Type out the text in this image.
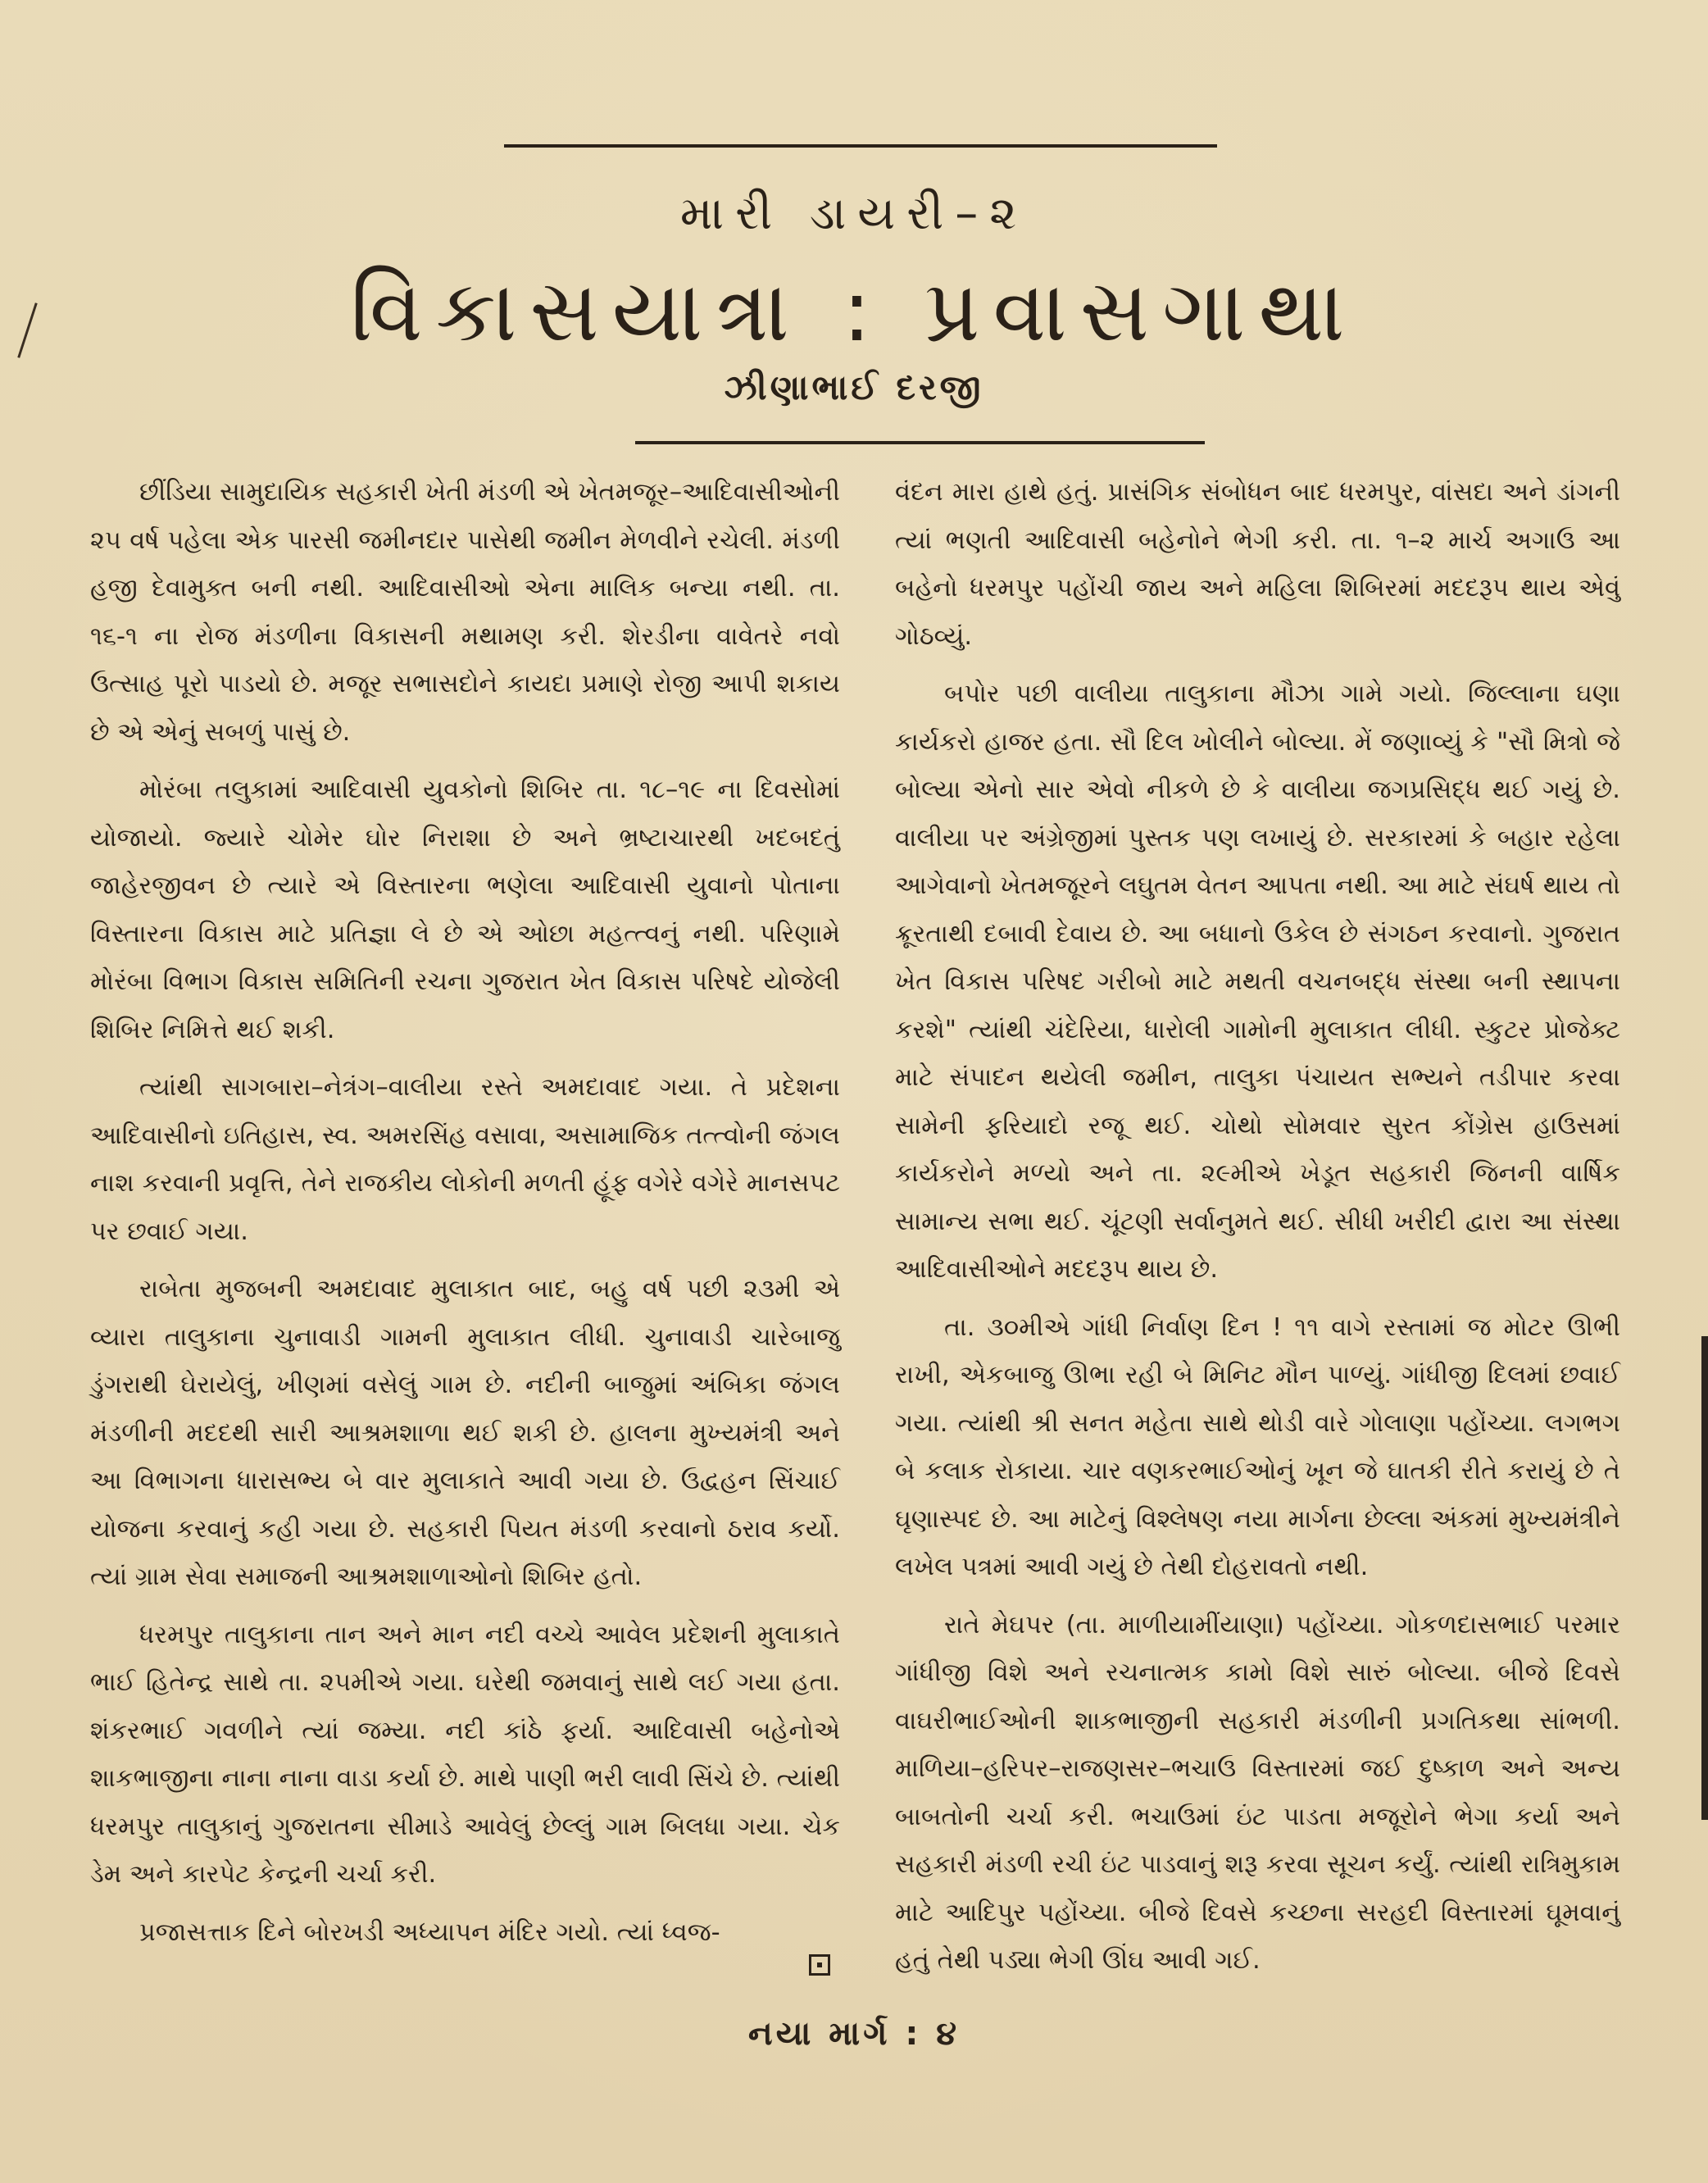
મારી ડાયરી–૨
વિકાસયાત્રા : પ્રવાસગાથા
ઝીણાભાઈ દરજી

છીંડિયા સામુદાયિક સહકારી ખેતી મંડળી એ ખેતમજૂર–આદિવાસીઓની ૨૫ વર્ષ પહેલા એક પારસી જમીનદાર પાસેથી જમીન મેળવીને રચેલી. મંડળી હજી દેવામુક્ત બની નથી. આદિવાસીઓ એના માલિક બન્યા નથી. તા. ૧૬-૧ ના રોજ મંડળીના વિકાસની મથામણ કરી. શેરડીના વાવેતરે નવો ઉત્સાહ પૂરો પાડયો છે. મજૂર સભાસદોને કાયદા પ્રમાણે રોજી આપી શકાય છે એ એનું સબળું પાસું છે.

મોરંબા તલુકામાં આદિવાસી યુવકોનો શિબિર તા. ૧૮–૧૯ ના દિવસોમાં યોજાયો. જ્યારે ચોમેર ઘોર નિરાશા છે અને ભ્રષ્ટાચારથી ખદબદતું જાહેરજીવન છે ત્યારે એ વિસ્તારના ભણેલા આદિવાસી યુવાનો પોતાના વિસ્તારના વિકાસ માટે પ્રતિજ્ઞા લે છે એ ઓછા મહત્ત્વનું નથી. પરિણામે મોરંબા વિભાગ વિકાસ સમિતિની રચના ગુજરાત ખેત વિકાસ પરિષદે યોજેલી શિબિર નિમિત્તે થઈ શકી.

ત્યાંથી સાગબારા–નેત્રંગ–વાલીયા રસ્તે અમદાવાદ ગયા. તે પ્રદેશના આદિવાસીનો ઇતિહાસ, સ્વ. અમરસિંહ વસાવા, અસામાજિક તત્ત્વોની જંગલ નાશ કરવાની પ્રવૃત્તિ, તેને રાજકીય લોકોની મળતી હૂંફ વગેરે વગેરે માનસપટ પર છવાઈ ગયા.

રાબેતા મુજબની અમદાવાદ મુલાકાત બાદ, બહુ વર્ષ પછી ૨૩મી એ વ્યારા તાલુકાના ચુનાવાડી ગામની મુલાકાત લીધી. ચુનાવાડી ચારેબાજુ ડુંગરાથી ઘેરાયેલું, ખીણમાં વસેલું ગામ છે. નદીની બાજુમાં અંબિકા જંગલ મંડળીની મદદથી સારી આશ્રમશાળા થઈ શકી છે. હાલના મુખ્યમંત્રી અને આ વિભાગના ધારાસભ્ય બે વાર મુલાકાતે આવી ગયા છે. ઉદ્વહન સિંચાઈ યોજના કરવાનું કહી ગયા છે. સહકારી પિયત મંડળી કરવાનો ઠરાવ કર્યો. ત્યાં ગ્રામ સેવા સમાજની આશ્રમશાળાઓનો શિબિર હતો.

ધરમપુર તાલુકાના તાન અને માન નદી વચ્ચે આવેલ પ્રદેશની મુલાકાતે ભાઈ હિતેન્દ્ર સાથે તા. ૨૫મીએ ગયા. ઘરેથી જમવાનું સાથે લઈ ગયા હતા. શંકરભાઈ ગવળીને ત્યાં જમ્યા. નદી કાંઠે ફર્યા. આદિવાસી બહેનોએ શાકભાજીના નાના નાના વાડા કર્યા છે. માથે પાણી ભરી લાવી સિંચે છે. ત્યાંથી ધરમપુર તાલુકાનું ગુજરાતના સીમાડે આવેલું છેલ્લું ગામ બિલધા ગયા. ચેક ડેમ અને કારપેટ કેન્દ્રની ચર્ચા કરી.

પ્રજાસત્તાક દિને બોરખડી અધ્યાપન મંદિર ગયો. ત્યાં ધ્વજ-

વંદન મારા હાથે હતું. પ્રાસંગિક સંબોધન બાદ ધરમપુર, વાંસદા અને ડાંગની ત્યાં ભણતી આદિવાસી બહેનોને ભેગી કરી. તા. ૧–૨ માર્ચ અગાઉ આ બહેનો ધરમપુર પહોંચી જાય અને મહિલા શિબિરમાં મદદરૂપ થાય એવું ગોઠવ્યું.

બપોર પછી વાલીયા તાલુકાના મૌઝા ગામે ગયો. જિલ્લાના ઘણા કાર્યકરો હાજર હતા. સૌ દિલ ખોલીને બોલ્યા. મેં જણાવ્યું કે "સૌ મિત્રો જે બોલ્યા એનો સાર એવો નીકળે છે કે વાલીયા જગપ્રસિદ્ધ થઈ ગયું છે. વાલીયા પર અંગ્રેજીમાં પુસ્તક પણ લખાયું છે. સરકારમાં કે બહાર રહેલા આગેવાનો ખેતમજૂરને લઘુતમ વેતન આપતા નથી. આ માટે સંઘર્ષ થાય તો ક્રૂરતાથી દબાવી દેવાય છે. આ બધાનો ઉકેલ છે સંગઠન કરવાનો. ગુજરાત ખેત વિકાસ પરિષદ ગરીબો માટે મથતી વચનબદ્ધ સંસ્થા બની સ્થાપના કરશે" ત્યાંથી ચંદેરિયા, ધારોલી ગામોની મુલાકાત લીધી. સ્કુટર પ્રોજેક્ટ માટે સંપાદન થયેલી જમીન, તાલુકા પંચાયત સભ્યને તડીપાર કરવા સામેની ફરિયાદો રજૂ થઈ. ચોથો સોમવાર સુરત કોંગ્રેસ હાઉસમાં કાર્યકરોને મળ્યો અને તા. ૨૯મીએ ખેડૂત સહકારી જિનની વાર્ષિક સામાન્ય સભા થઈ. ચૂંટણી સર્વાનુમતે થઈ. સીધી ખરીદી દ્વારા આ સંસ્થા આદિવાસીઓને મદદરૂપ થાય છે.

તા. ૩૦મીએ ગાંધી નિર્વાણ દિન ! ૧૧ વાગે રસ્તામાં જ મોટર ઊભી રાખી, એકબાજુ ઊભા રહી બે મિનિટ મૌન પાળ્યું. ગાંધીજી દિલમાં છવાઈ ગયા. ત્યાંથી શ્રી સનત મહેતા સાથે થોડી વારે ગોલાણા પહોંચ્યા. લગભગ બે કલાક રોકાયા. ચાર વણકરભાઈઓનું ખૂન જે ઘાતકી રીતે કરાયું છે તે ઘૃણાસ્પદ છે. આ માટેનું વિશ્લેષણ નયા માર્ગના છેલ્લા અંકમાં મુખ્યમંત્રીને લખેલ પત્રમાં આવી ગયું છે તેથી દોહરાવતો નથી.

રાતે મેઘપર (તા. માળીયામીંયાણા) પહોંચ્યા. ગોકળદાસભાઈ પરમાર ગાંધીજી વિશે અને રચનાત્મક કામો વિશે સારું બોલ્યા. બીજે દિવસે વાઘરીભાઈઓની શાકભાજીની સહકારી મંડળીની પ્રગતિકથા સાંભળી. માળિયા–હરિપર–રાજણસર–ભચાઉ વિસ્તારમાં જઈ દુષ્કાળ અને અન્ય બાબતોની ચર્ચા કરી. ભચાઉમાં ઇંટ પાડતા મજૂરોને ભેગા કર્યા અને સહકારી મંડળી રચી ઇંટ પાડવાનું શરૂ કરવા સૂચન કર્યું. ત્યાંથી રાત્રિમુકામ માટે આદિપુર પહોંચ્યા. બીજે દિવસે કચ્છના સરહદી વિસ્તારમાં ઘૂમવાનું હતું તેથી પડ્યા ભેગી ઊંઘ આવી ગઈ.

નયા માર્ગ : ૪
